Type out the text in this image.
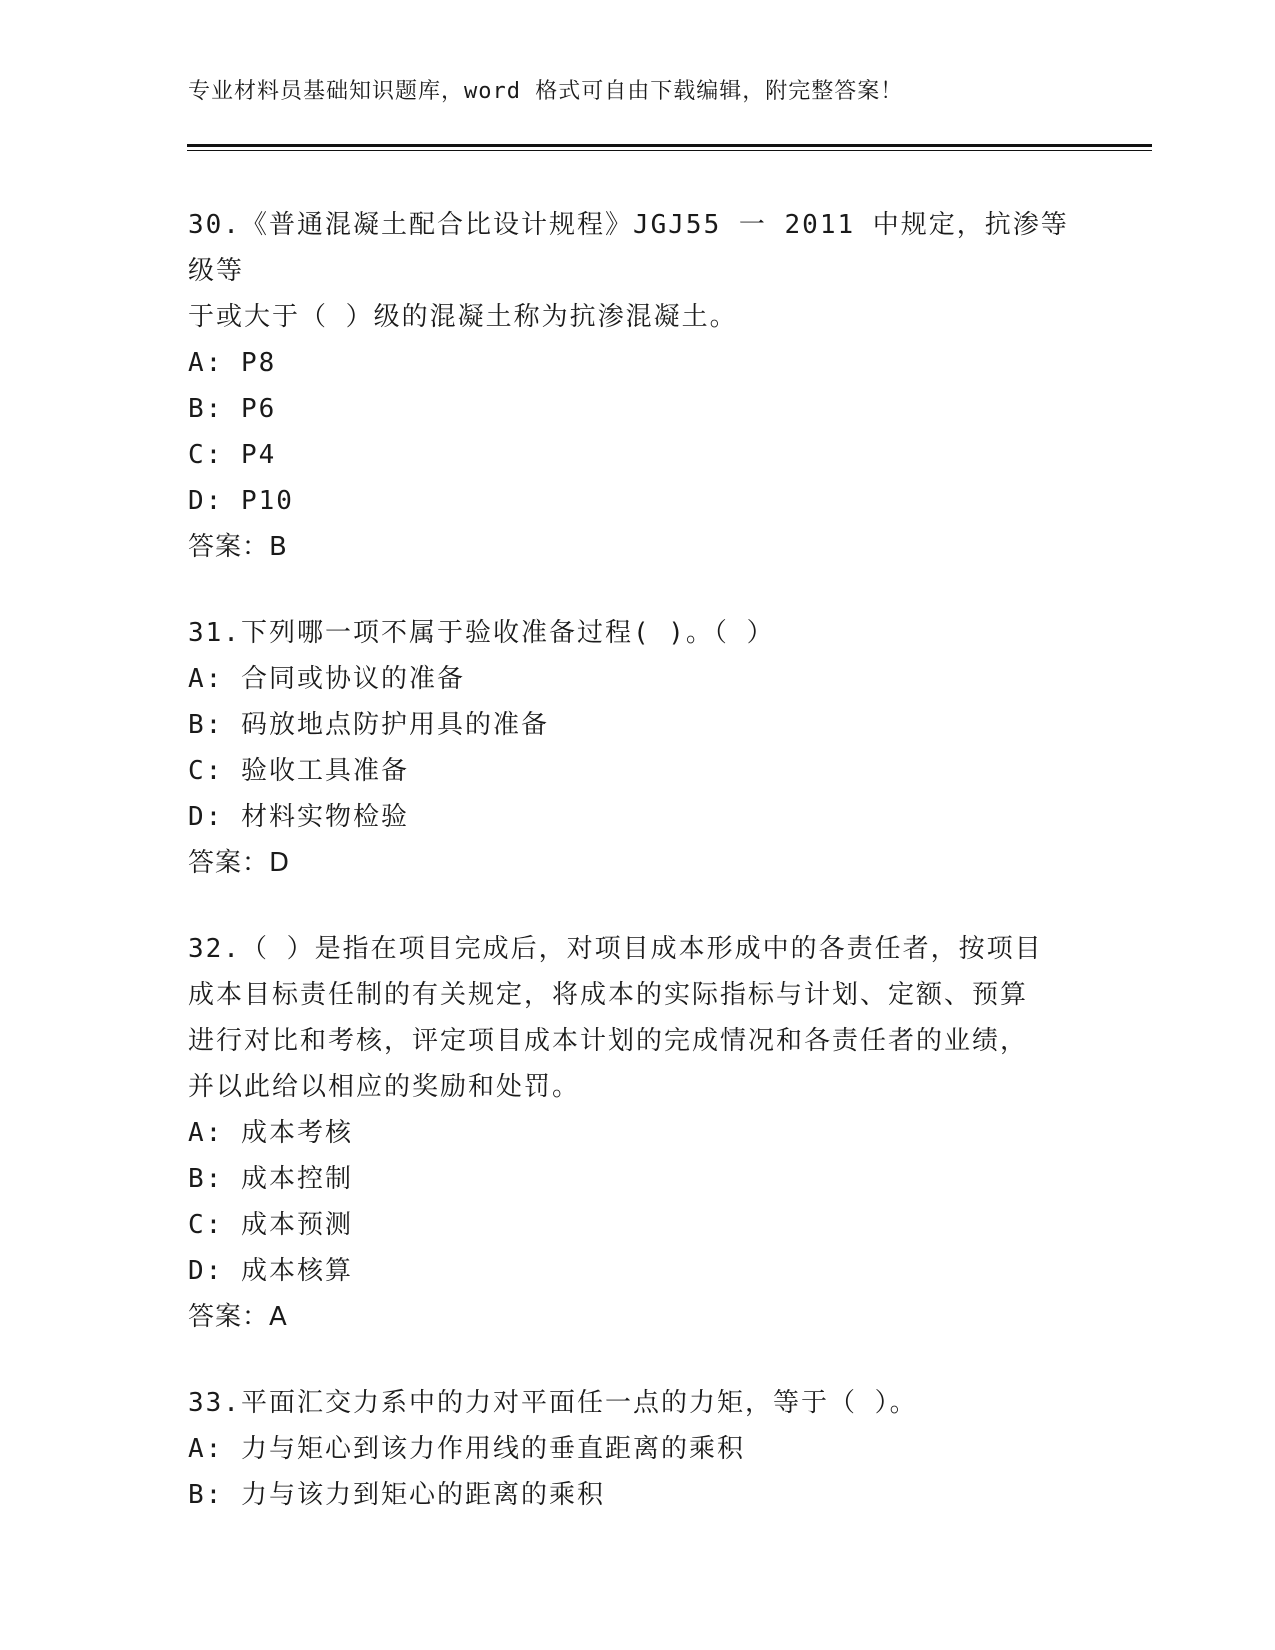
专业材料员基础知识题库，word 格式可自由下载编辑，附完整答案！

30.《普通混凝土配合比设计规程》JGJ55 一 2011 中规定，抗渗等级等

于或大于（ ）级的混凝土称为抗渗混凝土。

A: P8

B: P6

C: P4

D: P10

答案：B

31.下列哪一项不属于验收准备过程( )。（ ）

A: 合同或协议的准备

B: 码放地点防护用具的准备

C: 验收工具准备

D: 材料实物检验

答案：D

32.（ ）是指在项目完成后，对项目成本形成中的各责任者，按项目

成本目标责任制的有关规定，将成本的实际指标与计划、定额、预算

进行对比和考核，评定项目成本计划的完成情况和各责任者的业绩，

并以此给以相应的奖励和处罚。

A: 成本考核

B: 成本控制

C: 成本预测

D: 成本核算

答案：A

33.平面汇交力系中的力对平面任一点的力矩，等于（ ）。

A: 力与矩心到该力作用线的垂直距离的乘积

B: 力与该力到矩心的距离的乘积
